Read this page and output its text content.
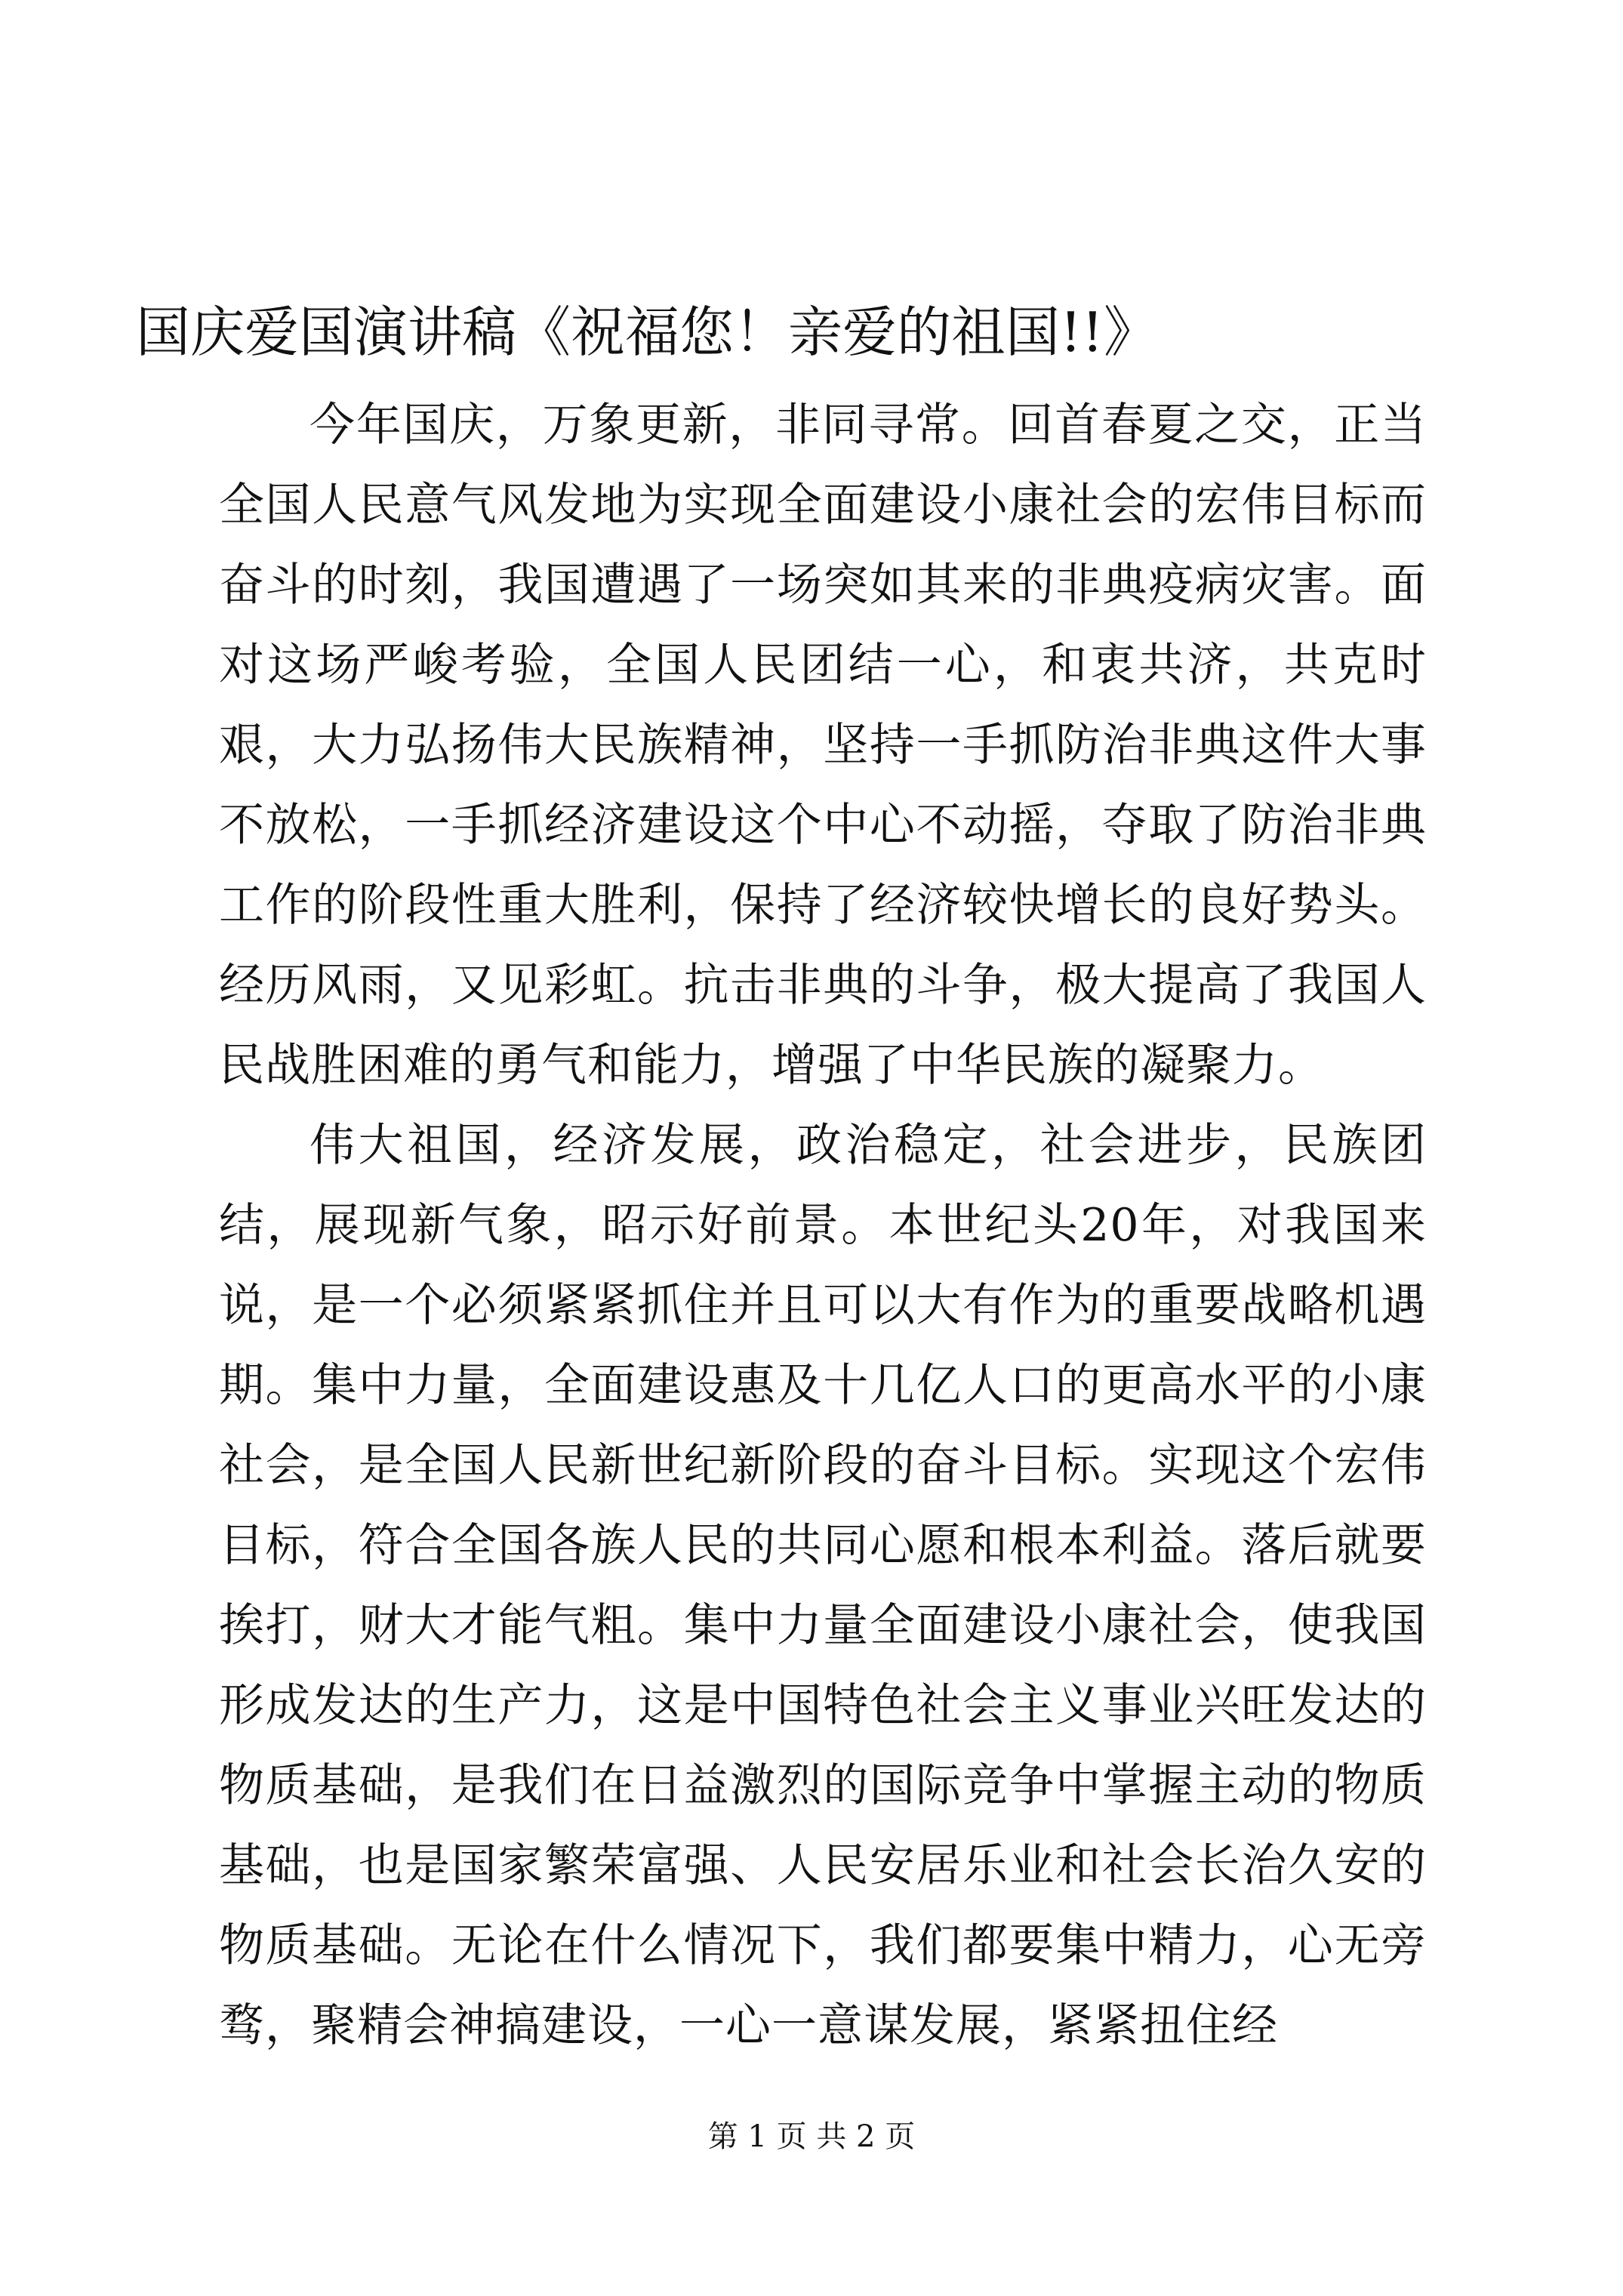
国庆爱国演讲稿《祝福您！亲爱的祖国!!》

今年国庆，万象更新，非同寻常。回首春夏之交，正当全国人民意气风发地为实现全面建设小康社会的宏伟目标而奋斗的时刻，我国遭遇了一场突如其来的非典疫病灾害。面对这场严峻考验，全国人民团结一心，和衷共济，共克时艰，大力弘扬伟大民族精神，坚持一手抓防治非典这件大事不放松，一手抓经济建设这个中心不动摇，夺取了防治非典工作的阶段性重大胜利，保持了经济较快增长的良好势头。经历风雨，又见彩虹。抗击非典的斗争，极大提高了我国人民战胜困难的勇气和能力，增强了中华民族的凝聚力。

伟大祖国，经济发展，政治稳定，社会进步，民族团结，展现新气象，昭示好前景。本世纪头20年，对我国来说，是一个必须紧紧抓住并且可以大有作为的重要战略机遇期。集中力量，全面建设惠及十几亿人口的更高水平的小康社会，是全国人民新世纪新阶段的奋斗目标。实现这个宏伟目标，符合全国各族人民的共同心愿和根本利益。落后就要挨打，财大才能气粗。集中力量全面建设小康社会，使我国形成发达的生产力，这是中国特色社会主义事业兴旺发达的物质基础，是我们在日益激烈的国际竞争中掌握主动的物质基础，也是国家繁荣富强、人民安居乐业和社会长治久安的物质基础。无论在什么情况下，我们都要集中精力，心无旁骛，聚精会神搞建设，一心一意谋发展，紧紧扭住经

第 1 页 共 2 页
